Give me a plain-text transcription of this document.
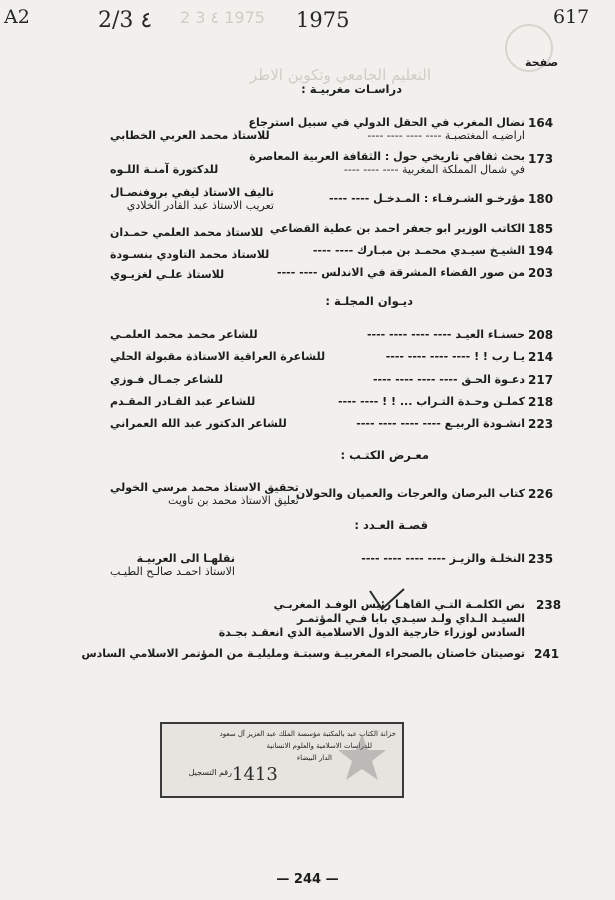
2 3 ٤ 1975
التعليم الجامعي وتكوين الاطر
A2	2/3 ٤	1975	617
صفحة
دراسـات مغربيـة :
ديـوان المجلـة :
معـرض الكتـب :
قصـة العـدد :
164
نضال المغرب في الحقل الدولي في سبيل استرجاع
اراضيـه المغتصبـة ---- ---- ---- ----
للاستاذ محمد العربي الخطابي
173
بحث ثقافي تاريخي حول : الثقافة العربية المعاصرة
في شمال المملكة المغربية ---- ---- ----
للدكتورة آمنـة اللـوه
180
مؤرخـو الشـرفـاء : المـدخـل ---- ----
تاليف الاستاذ ليفي بروفنصـال
تعريب الاستاذ عبد القادر الخلادي
185
الكاتب الوزير ابو جعفر احمد بن عطية القضاعي
للاستاذ محمد العلمي حمـدان
194
الشيـخ سيـدي محمـد بن مبـارك ---- ----
للاستاذ محمد التاودي بنسـودة
203
من صور القضاء المشرقة في الاندلس ---- ----
للاستاذ علـي لغزيـوي
208
حسنـاء العيـد ---- ---- ---- ----
للشاعر محمد محمد العلمـي
214
يـا رب ! ! ---- ---- ---- ----
للشاعرة العراقية الاستاذة مقبولة الحلي
217
دعـوة الحـق ---- ---- ---- ----
للشاعر جمـال فـوزي
218
كملـن وحـدة التـراب ... ! ! ---- ----
للشاعر عبد القـادر المقـدم
223
انشـودة الربيـع ---- ---- ---- ----
للشاعر الدكتور عبد الله العمراني
226
كتاب البرصان والعرجات والعميان والحولان
تحقيق الاستاذ محمد مرسي الخولي
تعليق الاستاذ محمد بن تاويت
235
النخلـة والزيـز ---- ---- ---- ----
نقلهـا الى العربيـة
الاستاذ احمـد صالـح الطيـب
238
نص الكلمـة التـي القاهـا رئيس الوفـد المغربـي
السيـد الـداي ولـد سيـدي بابا فـي المؤتمـر
السادس لوزراء خارجية الدول الاسلامية الذي انعقـد بجـدة
241
توصيتان خاصتان بالصحراء المغربيـة وسبتـة ومليليـة من المؤتمر الاسلامي السادس
خزانة الكتاب عبد بالمكتبة مؤسسة الملك عبد العزيز آل سعود
للدراسات الاسلامية والعلوم الانسانية
الدار البيضاء
رقم التسجيل 1413
— 244 —
